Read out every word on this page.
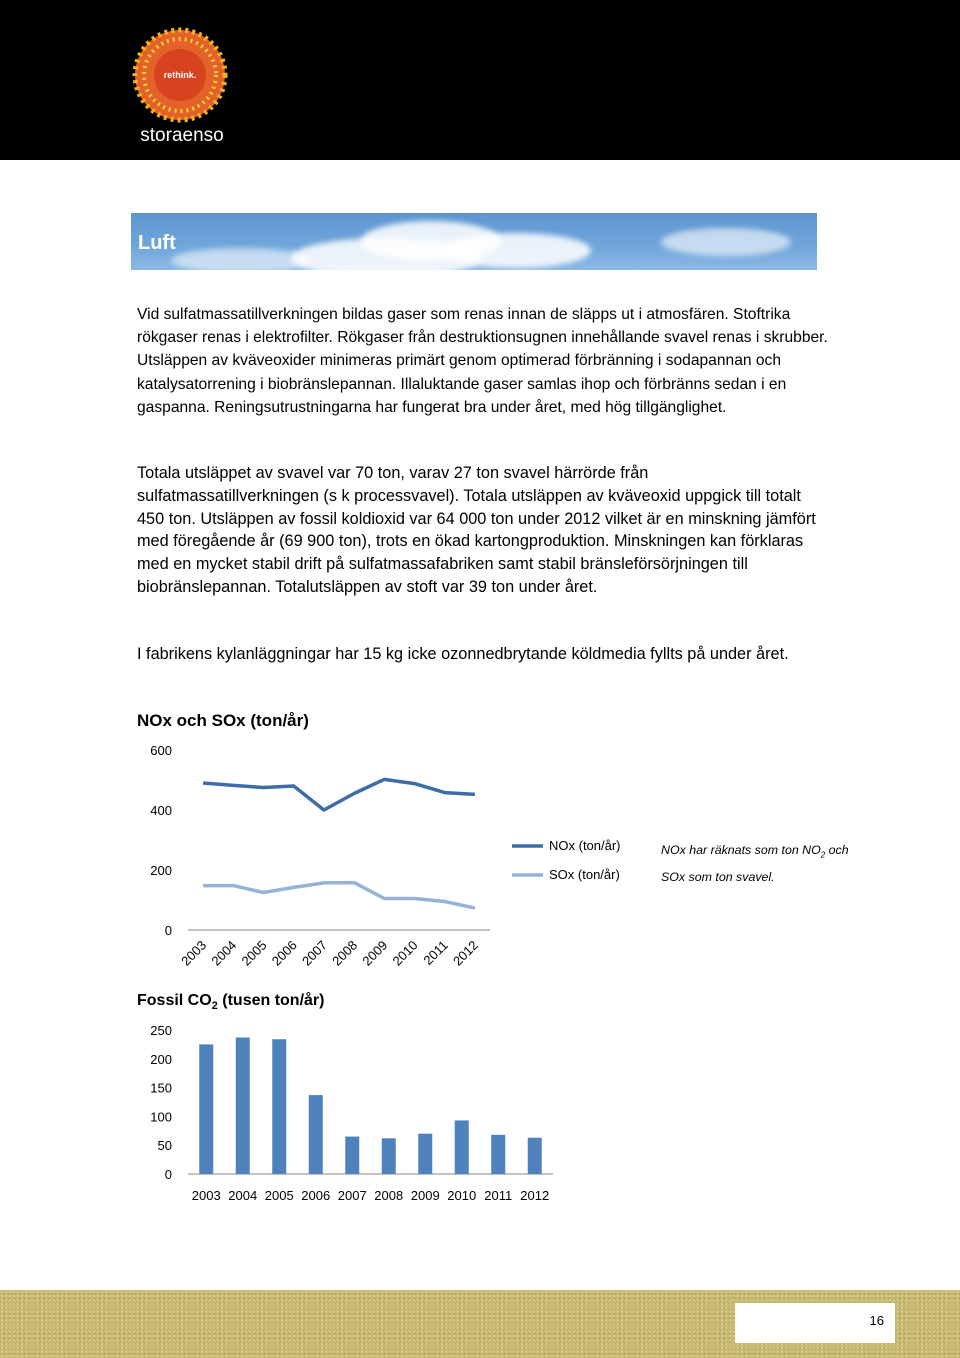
rethink.
storaenso
Luft

Vid sulfatmassatillverkningen bildas gaser som renas innan de släpps ut i atmosfären. Stoftrika rökgaser renas i elektrofilter. Rökgaser från destruktionsugnen innehållande svavel renas i skrubber. Utsläppen av kväveoxider minimeras primärt genom optimerad förbränning i sodapannan och katalysatorrening i biobränslepannan. Illaluktande gaser samlas ihop och förbränns sedan i en gaspanna. Reningsutrustningarna har fungerat bra under året, med hög tillgänglighet.

Totala utsläppet av svavel var 70 ton, varav 27 ton svavel härrörde från sulfatmassatillverkningen (s k processvavel). Totala utsläppen av kväveoxid uppgick till totalt 450 ton. Utsläppen av fossil koldioxid var 64 000 ton under 2012 vilket är en minskning jämfört med föregående år (69 900 ton), trots en ökad kartongproduktion. Minskningen kan förklaras med en mycket stabil drift på sulfatmassafabriken samt stabil bränsleförsörjningen till biobränslepannan. Totalutsläppen av stoft var 39 ton under året.

I fabrikens kylanläggningar har 15 kg icke ozonnedbrytande köldmedia fyllts på under året.

NOx och SOx (ton/år)
0
200
400
600
2003 2004 2005 2006 2007 2008 2009 2010 2011 2012
NOx (ton/år)
SOx (ton/år)
NOx har räknats som ton $NO_2$ och
SOx som ton svavel.
Fossil $CO_2$ (tusen ton/år)
0
50
100
150
200
250
2003 2004 2005 2006 2007 2008 2009 2010 2011 2012
16
